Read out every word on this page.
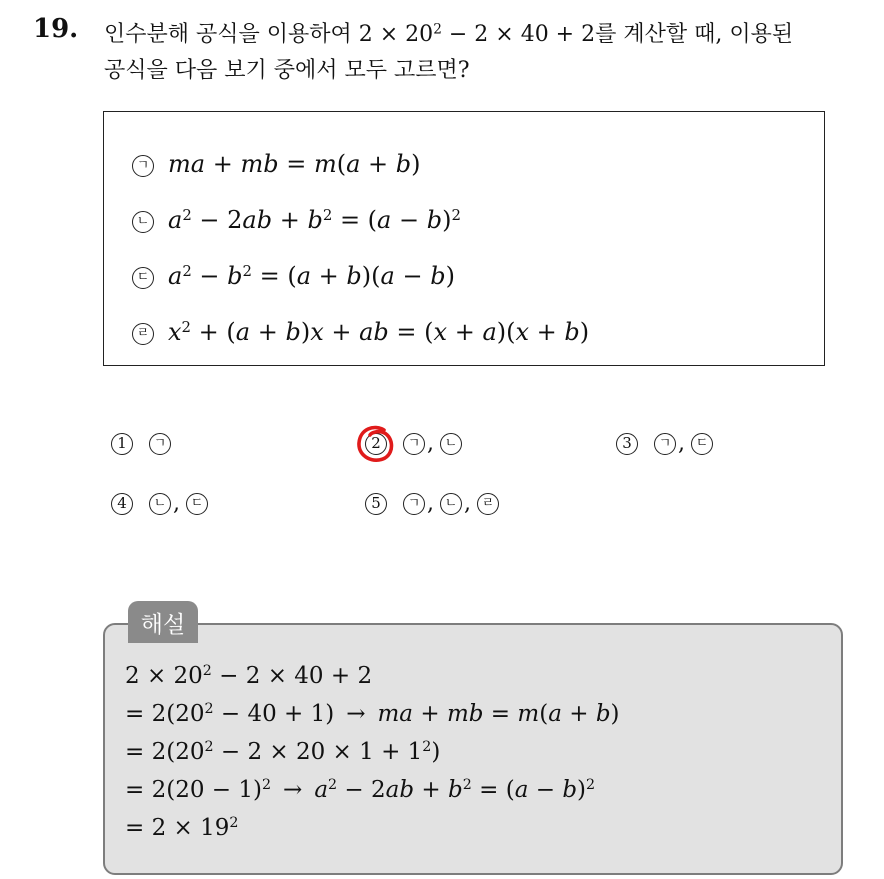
19. 인수분해 공식을 이용하여 $2 \times 20^2 - 2 \times 40 + 2$를 계산할 때, 이용된
공식을 다음 보기 중에서 모두 고르면?
ㄱ ma + mb = m(a + b)
ㄴ $a^2 - 2ab + b^2 = (a - b)^2$
ㄷ $a^2 - b^2 = (a + b)(a - b)$
ㄹ $x^2 + (a + b)x$ + ab = (x + a)(x + b)
1 ㄱ	2 ㄱ , ㄴ	3 ㄱ , ㄷ
4 ㄴ , ㄷ	5 ㄱ , ㄴ , ㄹ
$2 \times 20^2 - 2 \times 40 + 2$
= $2(20^2 - 40 + 1)$ → ma + mb = m(a + b)
= $2(20^2 - 2 \times 20 \times 1 + 1^2)$
= $2(20 - 1)^2 \to a^2 - 2ab + b^2 = (a - b)^2$
= $2 \times 19^2$
해설
